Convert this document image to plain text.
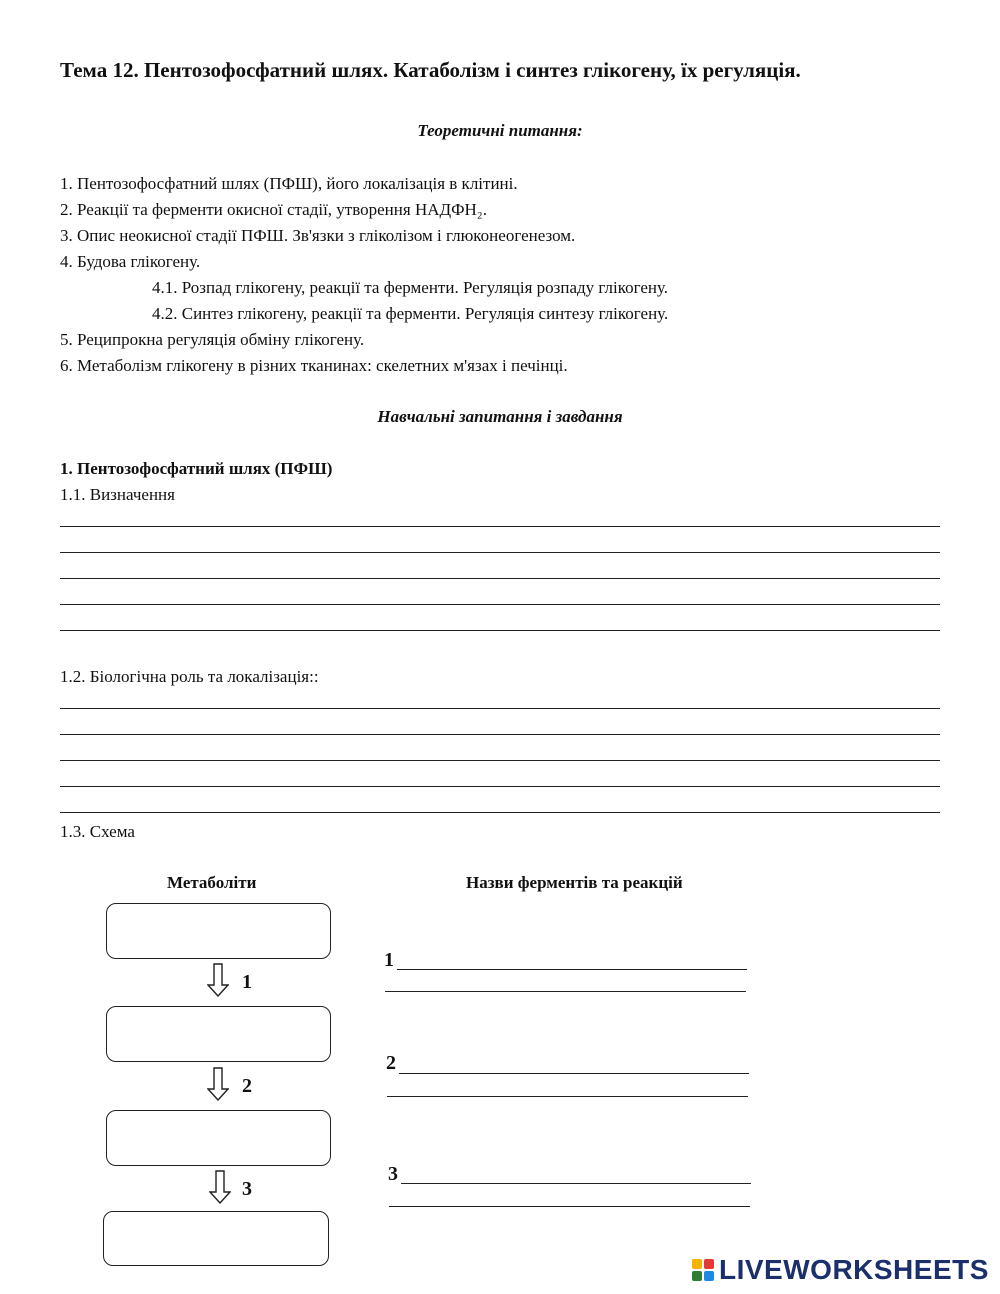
Тема 12. Пентозофосфатний шлях. Катаболізм і синтез глікогену, їх регуляція.
Теоретичні питання:
1. Пентозофосфатний шлях (ПФШ), його локалізація в клітині.
2. Реакції та ферменти окисної стадії, утворення НАДФН₂.
3. Опис неокисної стадії ПФШ. Зв'язки з гліколізом і глюконеогенезом.
4. Будова глікогену.
4.1. Розпад глікогену, реакції та ферменти. Регуляція розпаду глікогену.
4.2. Синтез глікогену, реакції та ферменти. Регуляція синтезу глікогену.
5. Реципрокна регуляція обміну глікогену.
6. Метаболізм глікогену в різних тканинах: скелетних м'язах і печінці.
Навчальні запитання і завдання
1. Пентозофосфатний шлях (ПФШ)
1.1. Визначення
1.2. Біологічна роль та локалізація::
1.3. Схема
Метаболіти	Назви ферментів та реакцій
1
2
3
1
2
3
LIVEWORKSHEETS
